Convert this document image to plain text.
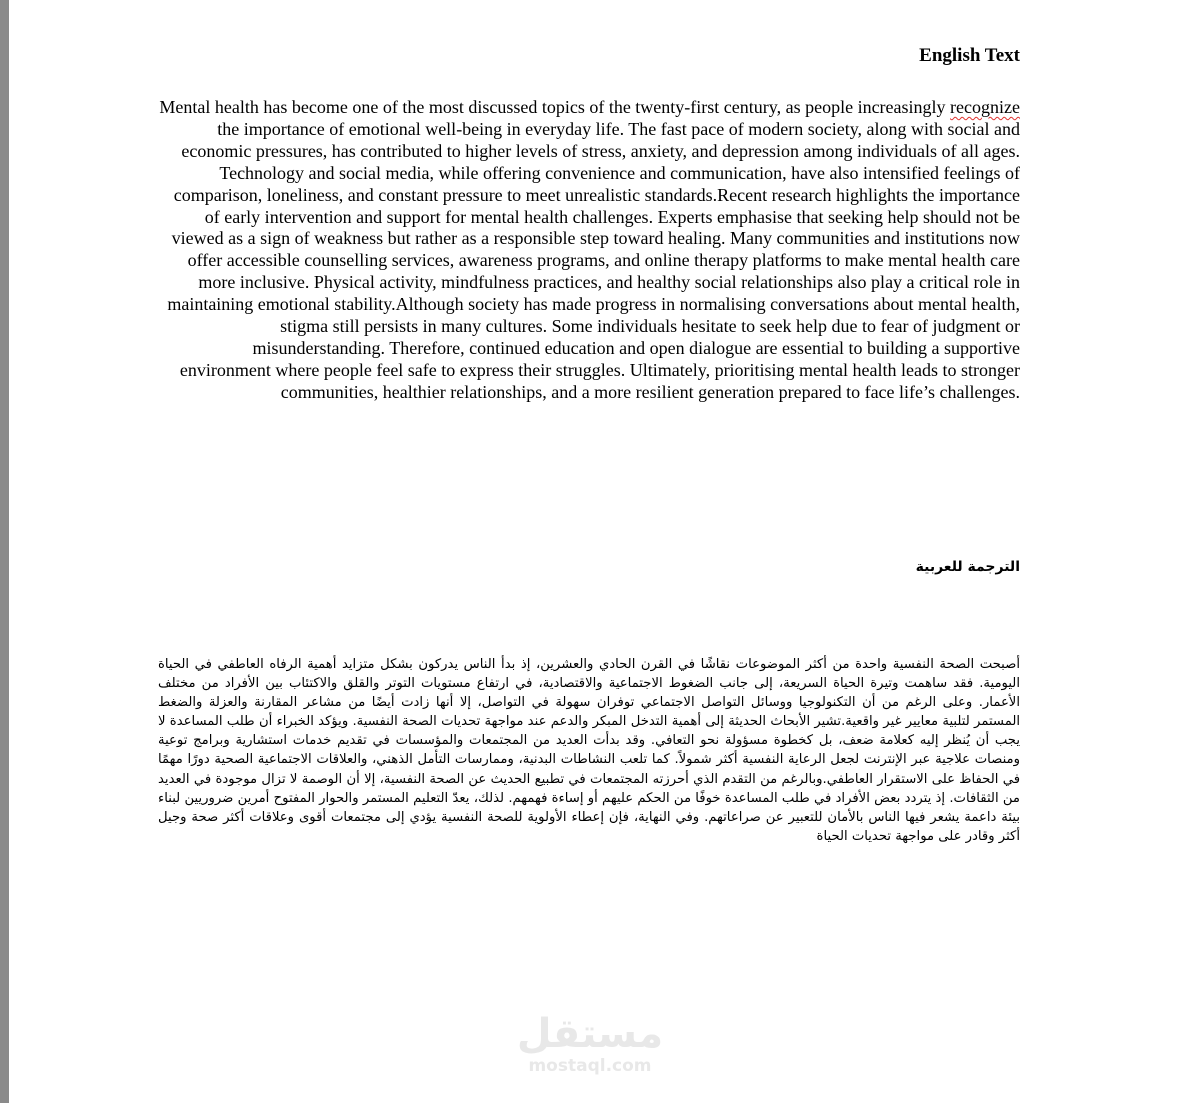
English Text

Mental health has become one of the most discussed topics of the twenty-first century, as people increasingly recognize the importance of emotional well-being in everyday life. The fast pace of modern society, along with social and economic pressures, has contributed to higher levels of stress, anxiety, and depression among individuals of all ages. Technology and social media, while offering convenience and communication, have also intensified feelings of comparison, loneliness, and constant pressure to meet unrealistic standards.Recent research highlights the importance of early intervention and support for mental health challenges. Experts emphasise that seeking help should not be viewed as a sign of weakness but rather as a responsible step toward healing. Many communities and institutions now offer accessible counselling services, awareness programs, and online therapy platforms to make mental health care more inclusive. Physical activity, mindfulness practices, and healthy social relationships also play a critical role in maintaining emotional stability.Although society has made progress in normalising conversations about mental health, stigma still persists in many cultures. Some individuals hesitate to seek help due to fear of judgment or misunderstanding. Therefore, continued education and open dialogue are essential to building a supportive environment where people feel safe to express their struggles. Ultimately, prioritising mental health leads to stronger communities, healthier relationships, and a more resilient generation prepared to face life’s challenges.

الترجمة للعربية

أصبحت الصحة النفسية واحدة من أكثر الموضوعات نقاشًا في القرن الحادي والعشرين، إذ بدأ الناس يدركون بشكل متزايد أهمية الرفاه العاطفي في الحياة اليومية. فقد ساهمت وتيرة الحياة السريعة، إلى جانب الضغوط الاجتماعية والاقتصادية، في ارتفاع مستويات التوتر والقلق والاكتئاب بين الأفراد من مختلف الأعمار. وعلى الرغم من أن التكنولوجيا ووسائل التواصل الاجتماعي توفران سهولة في التواصل، إلا أنها زادت أيضًا من مشاعر المقارنة والعزلة والضغط المستمر لتلبية معايير غير واقعية.تشير الأبحاث الحديثة إلى أهمية التدخل المبكر والدعم عند مواجهة تحديات الصحة النفسية. ويؤكد الخبراء أن طلب المساعدة لا يجب أن يُنظر إليه كعلامة ضعف، بل كخطوة مسؤولة نحو التعافي. وقد بدأت العديد من المجتمعات والمؤسسات في تقديم خدمات استشارية وبرامج توعية ومنصات علاجية عبر الإنترنت لجعل الرعاية النفسية أكثر شمولاً. كما تلعب النشاطات البدنية، وممارسات التأمل الذهني، والعلاقات الاجتماعية الصحية دورًا مهمًا في الحفاظ على الاستقرار العاطفي.وبالرغم من التقدم الذي أحرزته المجتمعات في تطبيع الحديث عن الصحة النفسية، إلا أن الوصمة لا تزال موجودة في العديد من الثقافات. إذ يتردد بعض الأفراد في طلب المساعدة خوفًا من الحكم عليهم أو إساءة فهمهم. لذلك، يعدّ التعليم المستمر والحوار المفتوح أمرين ضروريين لبناء بيئة داعمة يشعر فيها الناس بالأمان للتعبير عن صراعاتهم. وفي النهاية، فإن إعطاء الأولوية للصحة النفسية يؤدي إلى مجتمعات أقوى وعلاقات أكثر صحة وجيل أكثر وقادر على مواجهة تحديات الحياة

مستقل
mostaql.com
